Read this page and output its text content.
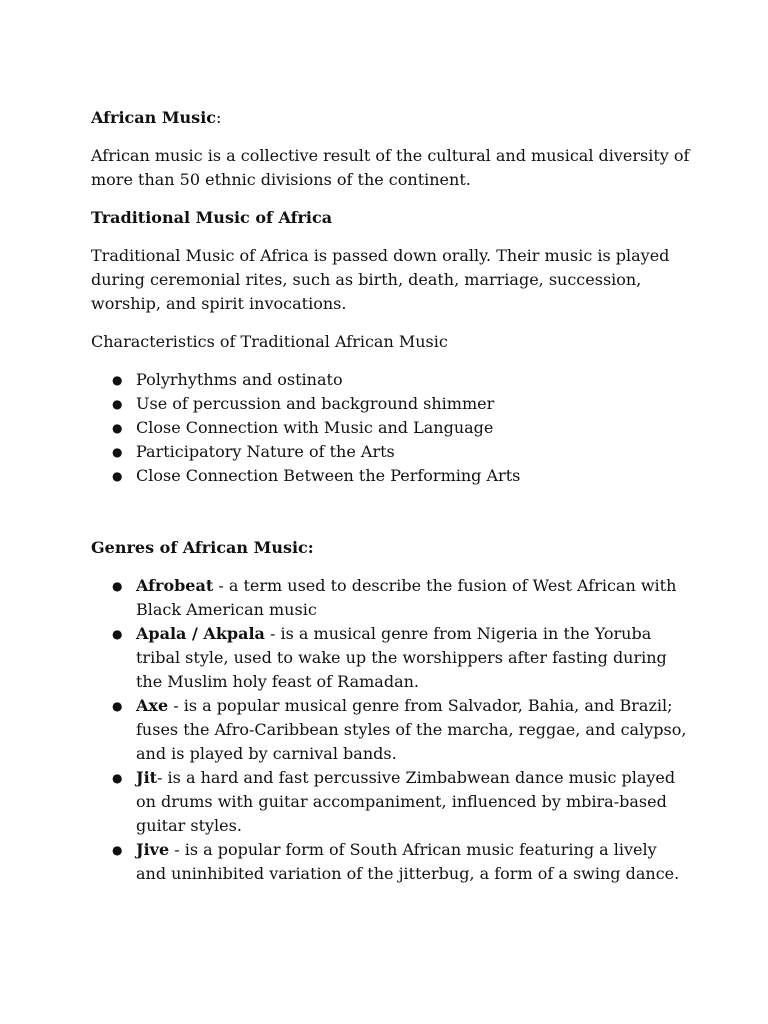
African Music:

African music is a collective result of the cultural and musical diversity of more than 50 ethnic divisions of the continent.

Traditional Music of Africa

Traditional Music of Africa is passed down orally. Their music is played during ceremonial rites, such as birth, death, marriage, succession, worship, and spirit invocations.

Characteristics of Traditional African Music

● Polyrhythms and ostinato
● Use of percussion and background shimmer
● Close Connection with Music and Language
● Participatory Nature of the Arts
● Close Connection Between the Performing Arts

Genres of African Music:

● Afrobeat - a term used to describe the fusion of West African with Black American music
● Apala / Akpala - is a musical genre from Nigeria in the Yoruba tribal style, used to wake up the worshippers after fasting during the Muslim holy feast of Ramadan.
● Axe - is a popular musical genre from Salvador, Bahia, and Brazil; fuses the Afro-Caribbean styles of the marcha, reggae, and calypso, and is played by carnival bands.
● Jit- is a hard and fast percussive Zimbabwean dance music played on drums with guitar accompaniment, influenced by mbira-based guitar styles.
● Jive - is a popular form of South African music featuring a lively and uninhibited variation of the jitterbug, a form of a swing dance.
